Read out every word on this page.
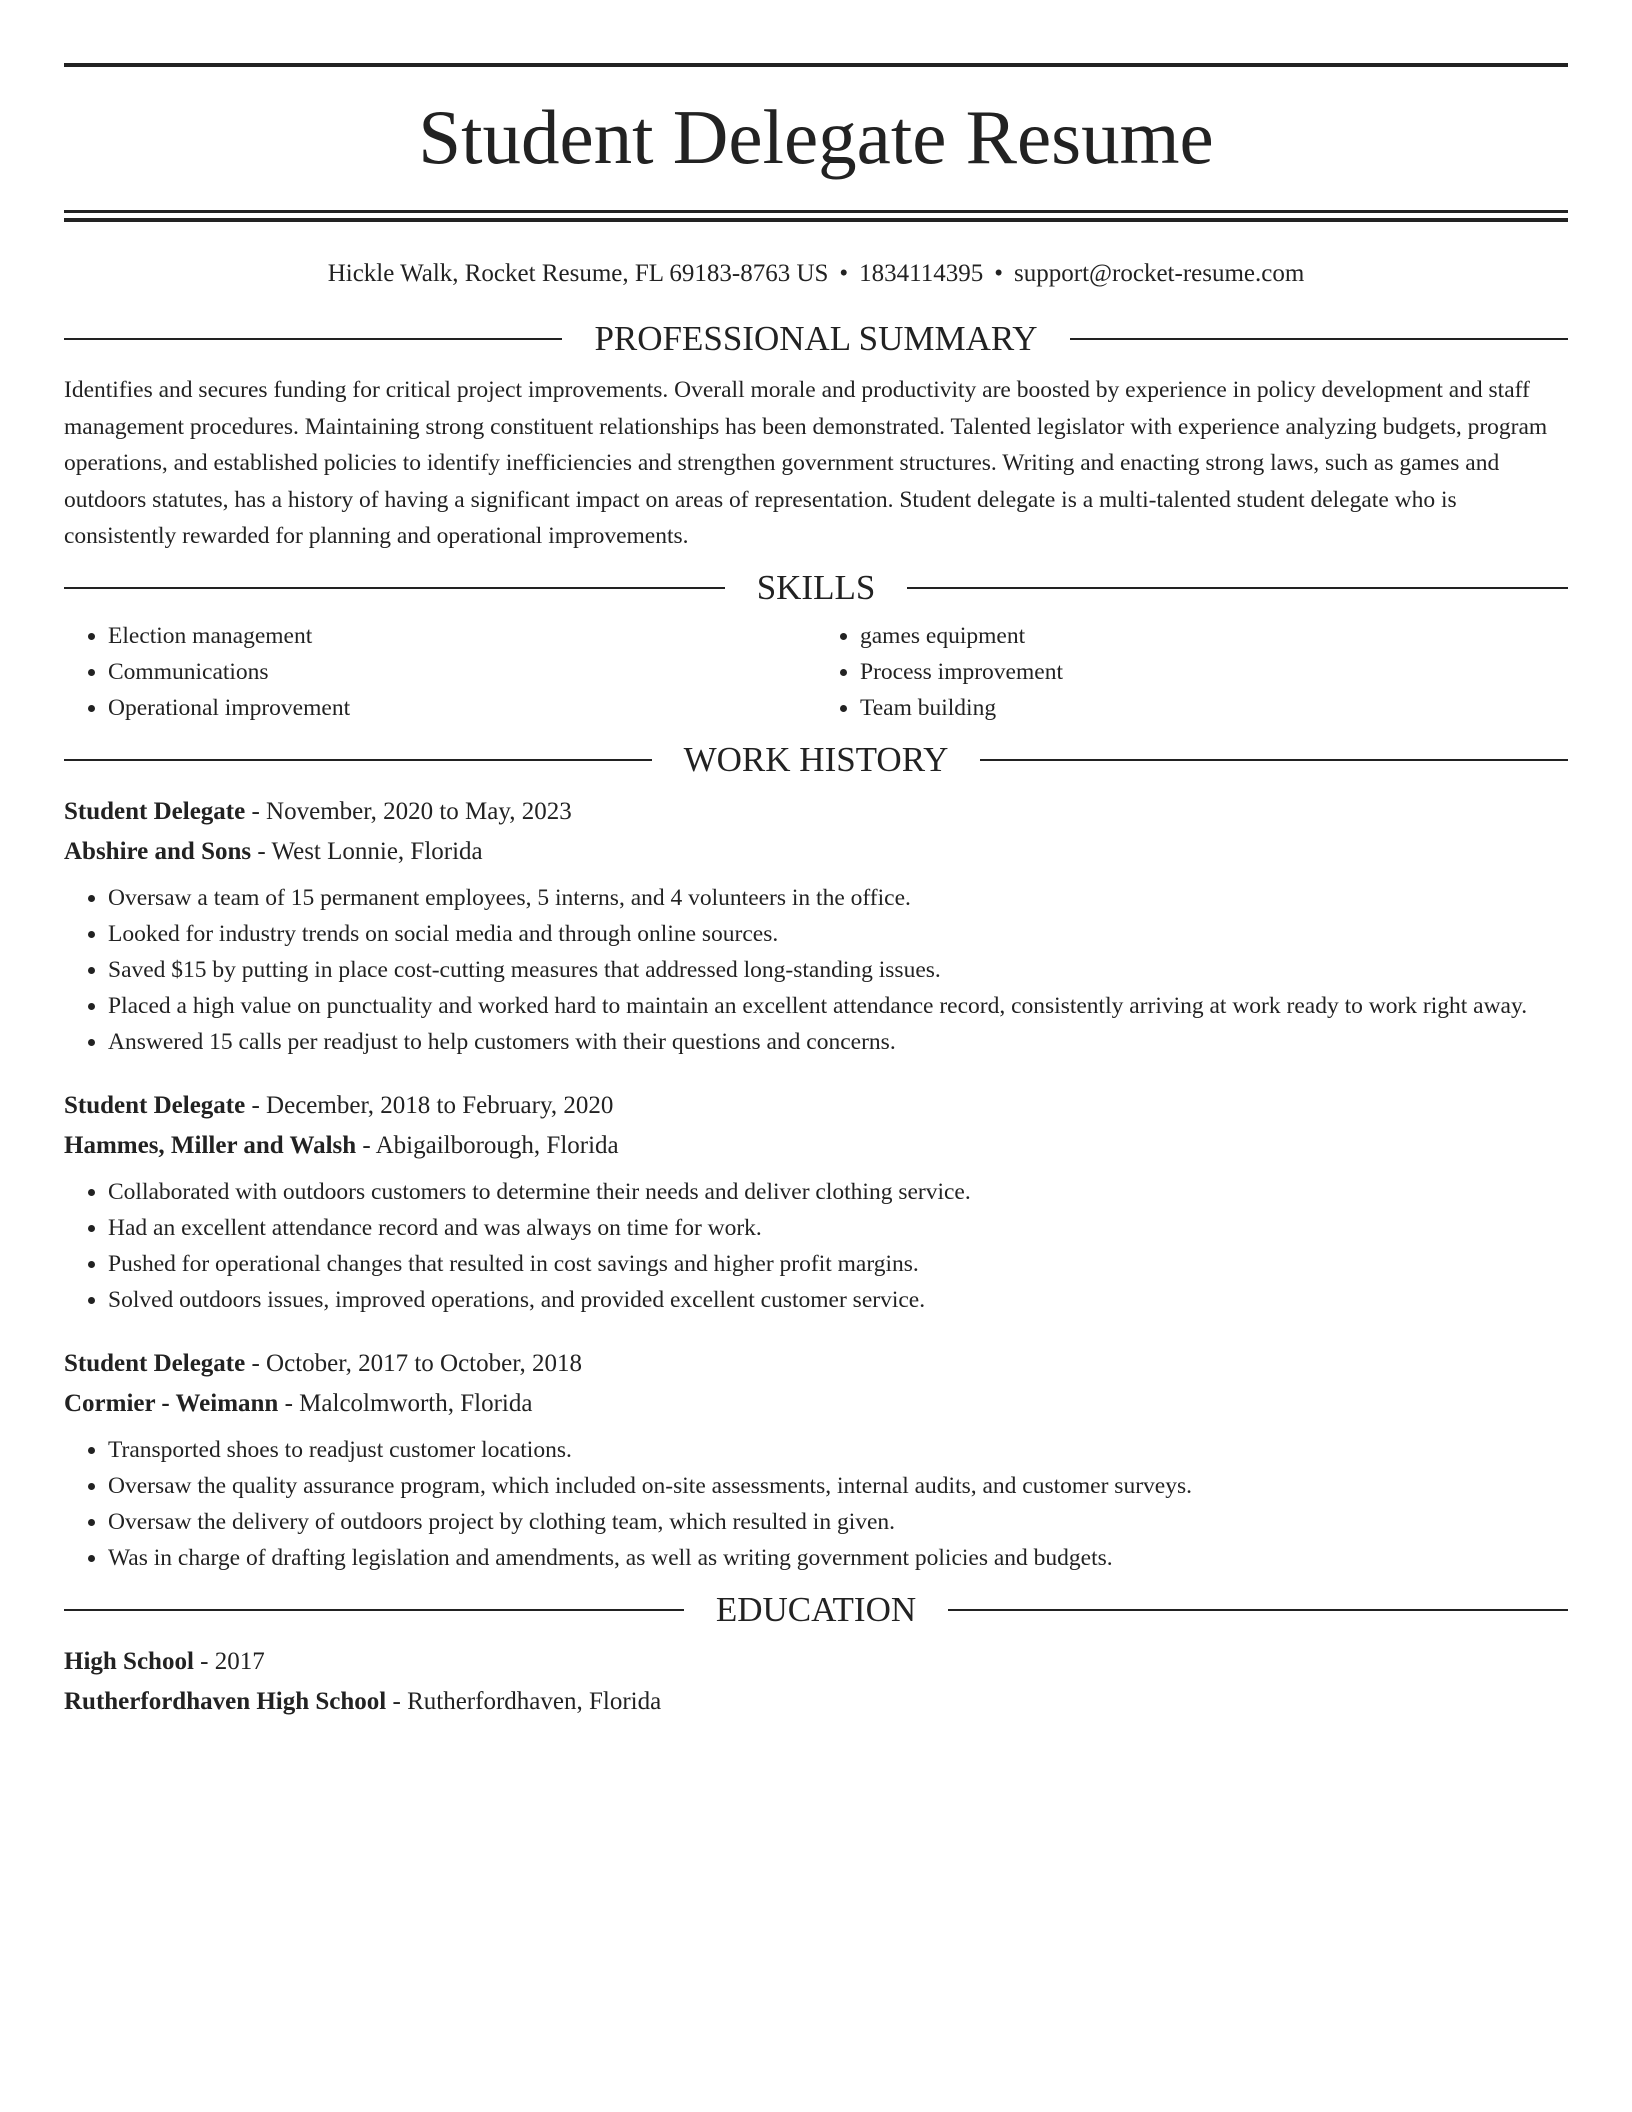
Student Delegate Resume
Hickle Walk, Rocket Resume, FL 69183-8763 US • 1834114395 • support@rocket-resume.com
PROFESSIONAL SUMMARY

Identifies and secures funding for critical project improvements. Overall morale and productivity are boosted by experience in policy development and staff management procedures. Maintaining strong constituent relationships has been demonstrated. Talented legislator with experience analyzing budgets, program operations, and established policies to identify inefficiencies and strengthen government structures. Writing and enacting strong laws, such as games and outdoors statutes, has a history of having a significant impact on areas of representation. Student delegate is a multi-talented student delegate who is consistently rewarded for planning and operational improvements.

SKILLS
• Election management
• Communications
• Operational improvement
• games equipment
• Process improvement
• Team building
WORK HISTORY
Student Delegate - November, 2020 to May, 2023
Abshire and Sons - West Lonnie, Florida
• Oversaw a team of 15 permanent employees, 5 interns, and 4 volunteers in the office.
• Looked for industry trends on social media and through online sources.
• Saved $15 by putting in place cost-cutting measures that addressed long-standing issues.
• Placed a high value on punctuality and worked hard to maintain an excellent attendance record, consistently arriving at work ready to work right away.
• Answered 15 calls per readjust to help customers with their questions and concerns.
Student Delegate - December, 2018 to February, 2020
Hammes, Miller and Walsh - Abigailborough, Florida
• Collaborated with outdoors customers to determine their needs and deliver clothing service.
• Had an excellent attendance record and was always on time for work.
• Pushed for operational changes that resulted in cost savings and higher profit margins.
• Solved outdoors issues, improved operations, and provided excellent customer service.
Student Delegate - October, 2017 to October, 2018
Cormier - Weimann - Malcolmworth, Florida
• Transported shoes to readjust customer locations.
• Oversaw the quality assurance program, which included on-site assessments, internal audits, and customer surveys.
• Oversaw the delivery of outdoors project by clothing team, which resulted in given.
• Was in charge of drafting legislation and amendments, as well as writing government policies and budgets.
EDUCATION
High School - 2017
Rutherfordhaven High School - Rutherfordhaven, Florida
